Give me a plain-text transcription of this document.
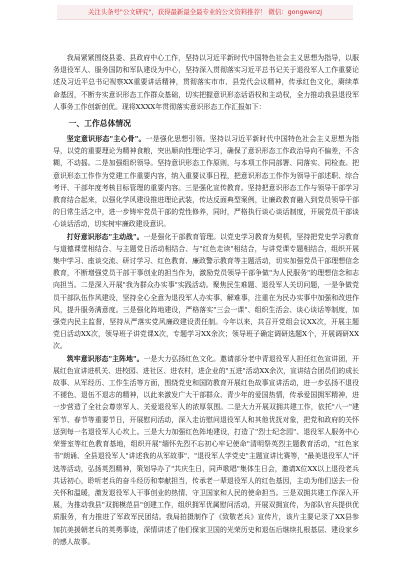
关注头条号"公文研究"，获得最新最全最专业的公文资料推荐！ 微信：gongwenzj

我局紧紧围绕县委、县政府中心工作，坚持以习近平新时代中国特色社会主义思想为指导，以服务退役军人、服务国防和军队建设为中心，坚持深入贯彻落实习近平总书记关于退役军人工作重要论述及习近平总书记视察XX重要讲话精神，贯彻落实市市、县党代会议精神，传承红色文化，赓续革命基因，不断夯实意识形态工作群众基础，切实把握意识形态话语权和主动权，全力推动我县退役军人事务工作创新创优。现将XXXX年贯彻落实意识形态工作汇报如下：

一、工作总体情况

坚定意识形态"主心骨"。一是强化思想引领。坚持以习近平新时代中国特色社会主义思想为指导，以党的重要理论为精神食粮，突出顺向性理论学习，确保了意识形态工作政治导向不偏差，不含糊，不动摇。二是加强组织领导。坚持意识形态工作原则，与本项工作同部署、同落实、同检查。把意识形态工作作为党建工作重要内容，纳入重要议事日程，把意识形态工作作为领导干部述职、综合考评、干部年度考核目标管理的重要内容。三是强化宣传教育。坚持把意识形态工作与领导干部学习教育结合起来，以强化学风建设推进理论武装，传达反面典型案例，让廉政教育融入到党员领导干部的日常生活之中，进一步铸牢党员干部的党性修养，同时，严格执行谈心谈话制度，开展党员干部谈心谈话活动，切实树牢廉政建设意识。

打好意识形态"主动战"。一是强化干部教育管理。以党史学习教育为契机，坚持把党史学习教育与道德课堂相结合、与主题党日活动相结合、与"红色走读"相结合，与讲党课专题相结合，组织开展集中学习、座谈交流、研讨学习、红色教育、廉政警示教育等主题活动，切实加强党员干部理想信念教育，不断增强党员干部干事创业的担当作为，激励党员领导干部争做"为人民服务"的理想信念和志向担当。二是深入开展"我为群众办实事"实践活动。聚焦民生难题、退役军人关切问题，一是争做党员干部队伍作风建设，坚持全心全意为退役军人办实事、解难事，注重在为民办实事中加强和改进作风，提升服务满意度。三是强化阵地建设，严格落实"三会一课"、组织生活会、谈心谈话等制度，加强党内民主监督，坚持从严落实党风廉政建设责任制。今年以来，共召开党组会议XX次，开展主题党日活动XX次，领导班子讲党课X次，专题学习XX余次；领导班子确定调研选题X个，开展调研XX次。

筑牢意识形态"主阵地"。一是大力弘扬红色文化。邀请部分老中青退役军人担任红色宣讲团，开展红色宣讲进机关、进校园、进社区、进农村，进企业的"五进"活动XX余次，宣讲结合团员们的成长故事、从军经历、工作生活等方面，围绕党史和国防教育开展红色故事宣讲活动，进一步弘扬不退役不褪色、退伍不退志的精神，以此来激发广大干部群众、青少年的爱国热情，传承爱国拥军精神，进一步营造了全社会尊崇军人、关爱退役军人的浓厚氛围。二是大力开展双拥共建工作，依托"八一"建军节、春节等重要节日，开展慰问活动，深入走访慰问退役军人和其他优抚对象，把党和政府的关怀送到每一名退役军人心坎上。三是大力加强红色阵地建设，打造了"烈士纪念园"、退役军人服务中心荣誉室等红色教育基地，组织开展"缅怀先烈不忘初心牢记使命"清明祭英烈主题教育活动，"红色家书"朗诵、全县退役军人"讲述我的从军故事"、"退役军人学党史"主题宣讲比赛等，"最美退役军人"评选等活动，弘扬英烈精神，策划导办了"共庆生日，同声歌唱"集体生日会，邀请X位XX以上退役老兵共话初心，聆听老兵的奋斗经历和奉献担当，传承老一辈退役军人的红色基因，主动为他们送去一份关怀和温暖，激发退役军人干事创业的热情、守卫国家和人民的使命担当。三是双拥共建工作深入开展，为推动我县"双拥模范县"创建工作，组织拥军优属慰问活动，开展双拥宣传，为部队官兵提供优质服务，有力推进了军政军民团结。我局拍摄制作了《致敬老兵》宣传片，该片主要记录了XX县参加抗美援朝老兵的英勇事迹，深情讲述了他们保家卫国的光荣历史和退伍后继续扎根基层、建设家乡的感人故事。
